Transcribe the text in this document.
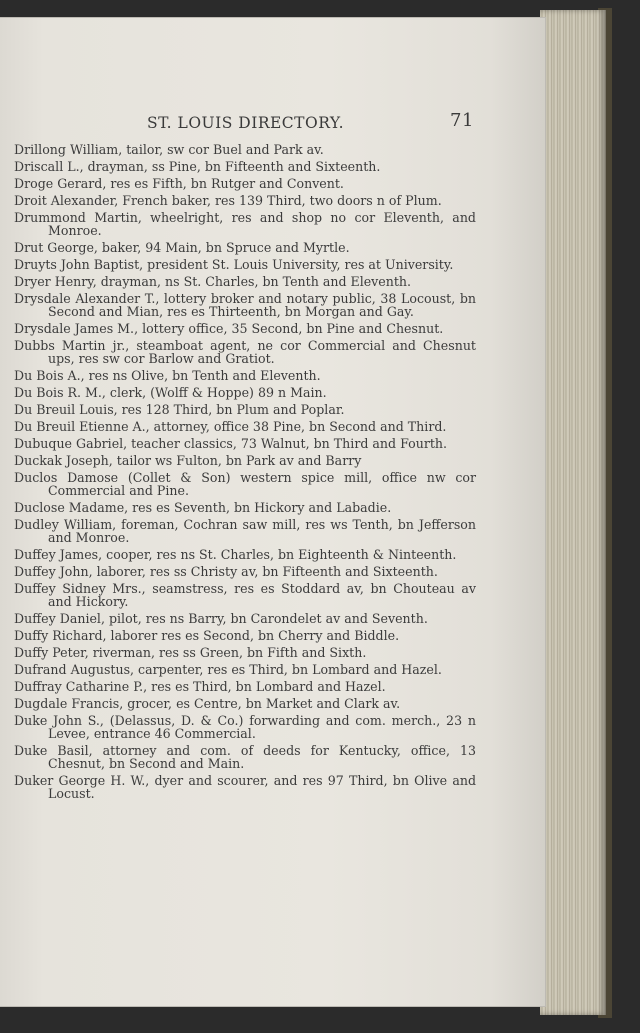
ST. LOUIS DIRECTORY.	71

Drillong William, tailor, sw cor Buel and Park av.

Driscall L., drayman, ss Pine, bn Fifteenth and Sixteenth.

Droge Gerard, res es Fifth, bn Rutger and Convent.

Droit Alexander, French baker, res 139 Third, two doors n of Plum.

Drummond Martin, wheelright, res and shop no cor Eleventh, and Monroe.

Drut George, baker, 94 Main, bn Spruce and Myrtle.

Druyts John Baptist, president St. Louis University, res at University.

Dryer Henry, drayman, ns St. Charles, bn Tenth and Eleventh.

Drysdale Alexander T., lottery broker and notary public, 38 Locoust, bn Second and Mian, res es Thirteenth, bn Morgan and Gay.

Drysdale James M., lottery office, 35 Second, bn Pine and Chesnut.

Dubbs Martin jr., steamboat agent, ne cor Commercial and Chesnut ups, res sw cor Barlow and Gratiot.

Du Bois A., res ns Olive, bn Tenth and Eleventh.

Du Bois R. M., clerk, (Wolff & Hoppe) 89 n Main.

Du Breuil Louis, res 128 Third, bn Plum and Poplar.

Du Breuil Etienne A., attorney, office 38 Pine, bn Second and Third.

Dubuque Gabriel, teacher classics, 73 Walnut, bn Third and Fourth.

Duckak Joseph, tailor ws Fulton, bn Park av and Barry

Duclos Damose (Collet & Son) western spice mill, office nw cor Commercial and Pine.

Duclose Madame, res es Seventh, bn Hickory and Labadie.

Dudley William, foreman, Cochran saw mill, res ws Tenth, bn Jefferson and Monroe.

Duffey James, cooper, res ns St. Charles, bn Eighteenth & Ninteenth.

Duffey John, laborer, res ss Christy av, bn Fifteenth and Sixteenth.

Duffey Sidney Mrs., seamstress, res es Stoddard av, bn Chouteau av and Hickory.

Duffey Daniel, pilot, res ns Barry, bn Carondelet av and Seventh.

Duffy Richard, laborer res es Second, bn Cherry and Biddle.

Duffy Peter, riverman, res ss Green, bn Fifth and Sixth.

Dufrand Augustus, carpenter, res es Third, bn Lombard and Hazel.

Duffray Catharine P., res es Third, bn Lombard and Hazel.

Dugdale Francis, grocer, es Centre, bn Market and Clark av.

Duke John S., (Delassus, D. & Co.) forwarding and com. merch., 23 n Levee, entrance 46 Commercial.

Duke Basil, attorney and com. of deeds for Kentucky, office, 13 Chesnut, bn Second and Main.

Duker George H. W., dyer and scourer, and res 97 Third, bn Olive and Locust.
